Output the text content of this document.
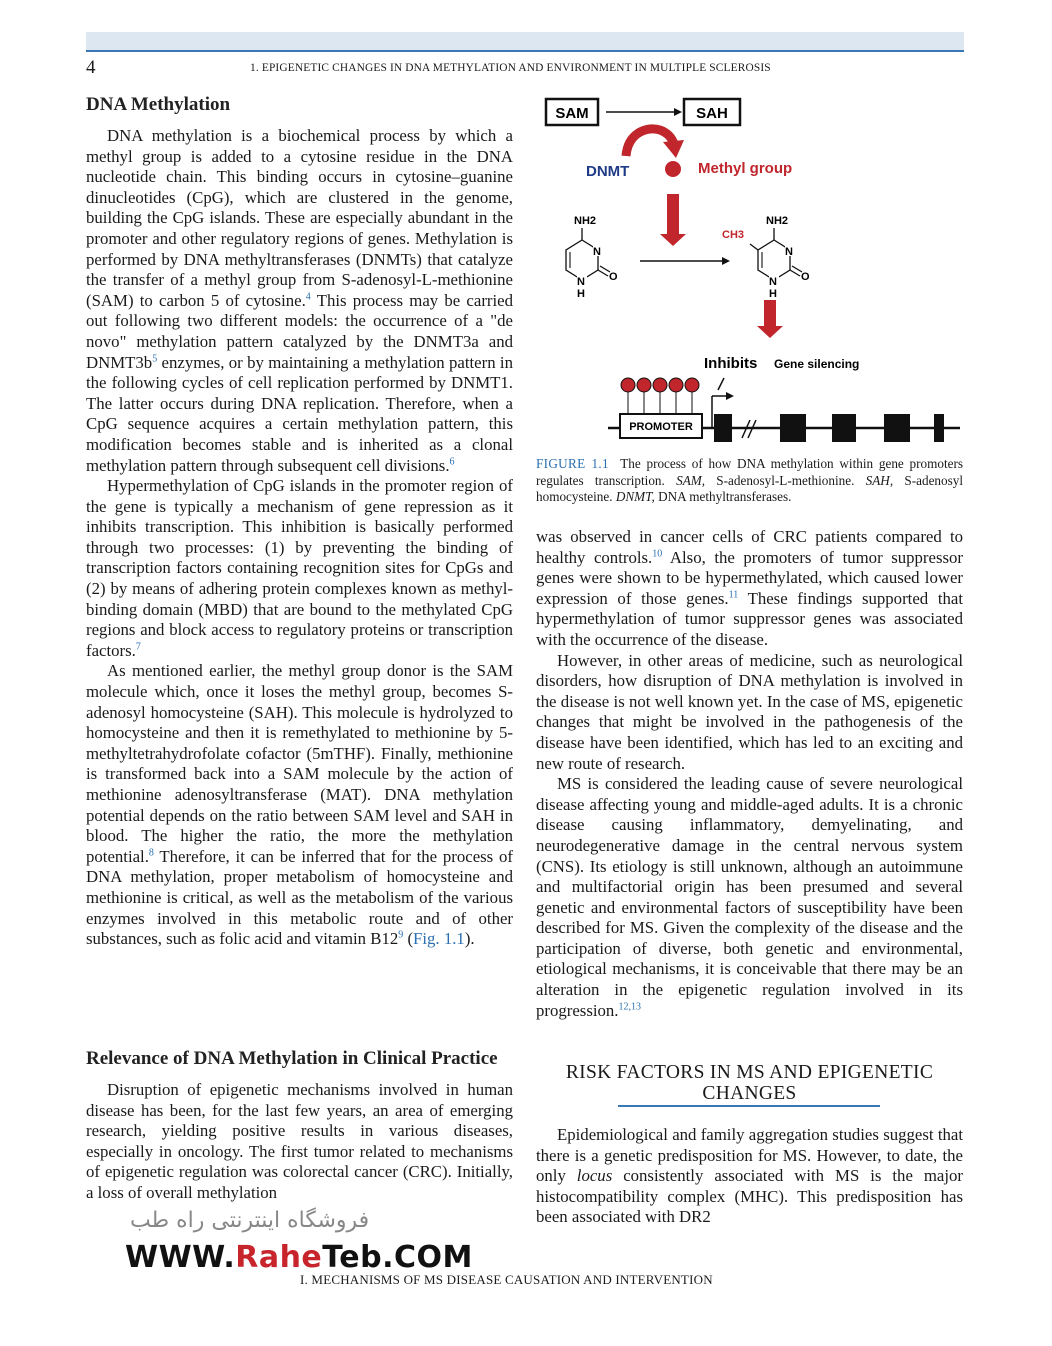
4	1. EPIGENETIC CHANGES IN DNA METHYLATION AND ENVIRONMENT IN MULTIPLE SCLEROSIS
DNA Methylation

DNA methylation is a biochemical process by which a methyl group is added to a cytosine residue in the DNA nucleotide chain. This binding occurs in cytosine–guanine dinucleotides (CpG), which are clustered in the genome, building the CpG islands. These are especially abundant in the promoter and other regulatory regions of genes. Methylation is performed by DNA methyltransferases (DNMTs) that catalyze the transfer of a methyl group from S-adenosyl-L-methionine (SAM) to carbon 5 of cytosine.$^4$ This process may be carried out following two different models: the occurrence of a "de novo" methylation pattern catalyzed by the DNMT3a and $DNMT3b^5$ enzymes, or by maintaining a methylation pattern in the following cycles of cell replication performed by DNMT1. The latter occurs during DNA replication. Therefore, when a CpG sequence acquires a certain methylation pattern, this modification becomes stable and is inherited as a clonal methylation pattern through subsequent cell divisions.$^6$

Hypermethylation of CpG islands in the promoter region of the gene is typically a mechanism of gene repression as it inhibits transcription. This inhibition is basically performed through two processes: (1) by preventing the binding of transcription factors containing recognition sites for CpGs and (2) by means of adhering protein complexes known as methyl-binding domain (MBD) that are bound to the methylated CpG regions and block access to regulatory proteins or transcription factors.$^7$

As mentioned earlier, the methyl group donor is the SAM molecule which, once it loses the methyl group, becomes S-adenosyl homocysteine (SAH). This molecule is hydrolyzed to homocysteine and then it is remethylated to methionine by 5-methyltetrahydrofolate cofactor (5mTHF). Finally, methionine is transformed back into a SAM molecule by the action of methionine adenosyltransferase (MAT). DNA methylation potential depends on the ratio between SAM level and SAH in blood. The higher the ratio, the more the methylation potential.$^8$ Therefore, it can be inferred that for the process of DNA methylation, proper metabolism of homocysteine and methionine is critical, as well as the metabolism of the various enzymes involved in this metabolic route and of other substances, such as folic acid and vitamin $B12^9$ (Fig. 1.1).

Relevance of DNA Methylation in Clinical Practice

Disruption of epigenetic mechanisms involved in human disease has been, for the last few years, an area of emerging research, yielding positive results in various diseases, especially in oncology. The first tumor related to mechanisms of epigenetic regulation was colorectal cancer (CRC). Initially, a loss of overall methylation

SAM	SAH
DNMT	Methyl group
NH2
N
N O
H
NH2
CH3
N
N O
H
Inhibits Gene silencing
PROMOTER
FIGURE 1.1 The process of how DNA methylation within gene promoters regulates transcription. SAM, S-adenosyl-L-methionine. SAH, S-adenosyl homocysteine. DNMT, DNA methyltransferases.

was observed in cancer cells of CRC patients compared to healthy controls.$^{10}$ Also, the promoters of tumor suppressor genes were shown to be hypermethylated, which caused lower expression of those genes.$^{11}$ These findings supported that hypermethylation of tumor suppressor genes was associated with the occurrence of the disease.

However, in other areas of medicine, such as neurological disorders, how disruption of DNA methylation is involved in the disease is not well known yet. In the case of MS, epigenetic changes that might be involved in the pathogenesis of the disease have been identified, which has led to an exciting and new route of research.

MS is considered the leading cause of severe neurological disease affecting young and middle-aged adults. It is a chronic disease causing inflammatory, demyelinating, and neurodegenerative damage in the central nervous system (CNS). Its etiology is still unknown, although an autoimmune and multifactorial origin has been presumed and several genetic and environmental factors of susceptibility have been described for MS. Given the complexity of the disease and the participation of diverse, both genetic and environmental, etiological mechanisms, it is conceivable that there may be an alteration in the epigenetic regulation involved in its progression.$^{12,13}$

RISK FACTORS IN MS AND EPIGENETIC
CHANGES

Epidemiological and family aggregation studies suggest that there is a genetic predisposition for MS. However, to date, the only locus consistently associated with MS is the major histocompatibility complex (MHC). This predisposition has been associated with DR2

فروشگاه اینترنتی راه طب
WWW.RaheTeb.COM
I. MECHANISMS OF MS DISEASE CAUSATION AND INTERVENTION
